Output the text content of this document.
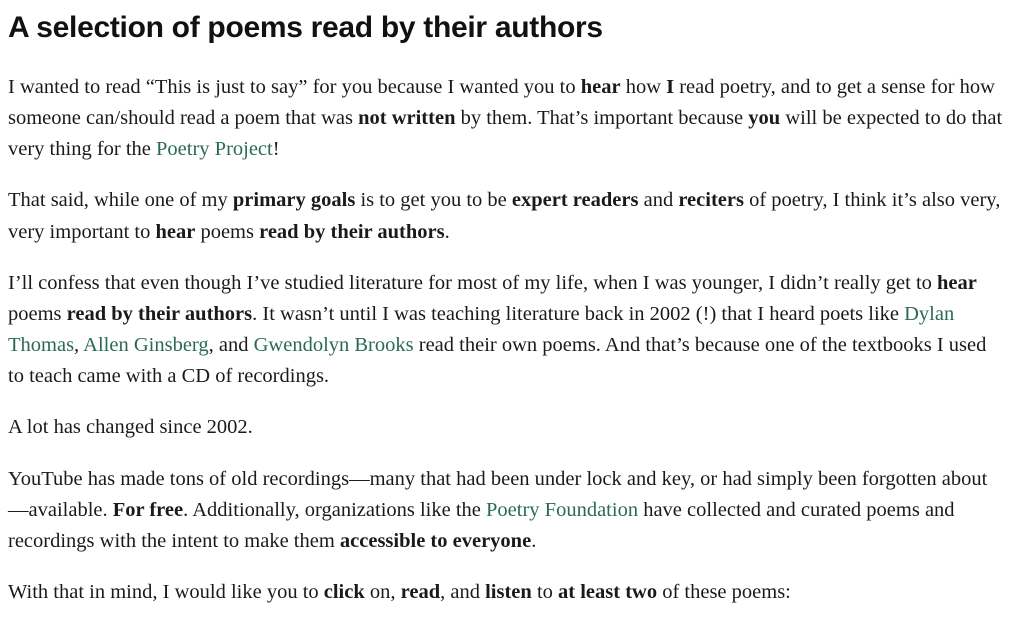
A selection of poems read by their authors

I wanted to read “This is just to say” for you because I wanted you to hear how I read poetry, and to get a sense for how someone can/should read a poem that was not written by them. That’s important because you will be expected to do that very thing for the Poetry Project!

That said, while one of my primary goals is to get you to be expert readers and reciters of poetry, I think it’s also very, very important to hear poems read by their authors.

I’ll confess that even though I’ve studied literature for most of my life, when I was younger, I didn’t really get to hear poems read by their authors. It wasn’t until I was teaching literature back in 2002 (!) that I heard poets like Dylan Thomas, Allen Ginsberg, and Gwendolyn Brooks read their own poems. And that’s because one of the textbooks I used to teach came with a CD of recordings.

A lot has changed since 2002.

YouTube has made tons of old recordings—many that had been under lock and key, or had simply been forgotten about—available. For free. Additionally, organizations like the Poetry Foundation have collected and curated poems and recordings with the intent to make them accessible to everyone.

With that in mind, I would like you to click on, read, and listen to at least two of these poems:
